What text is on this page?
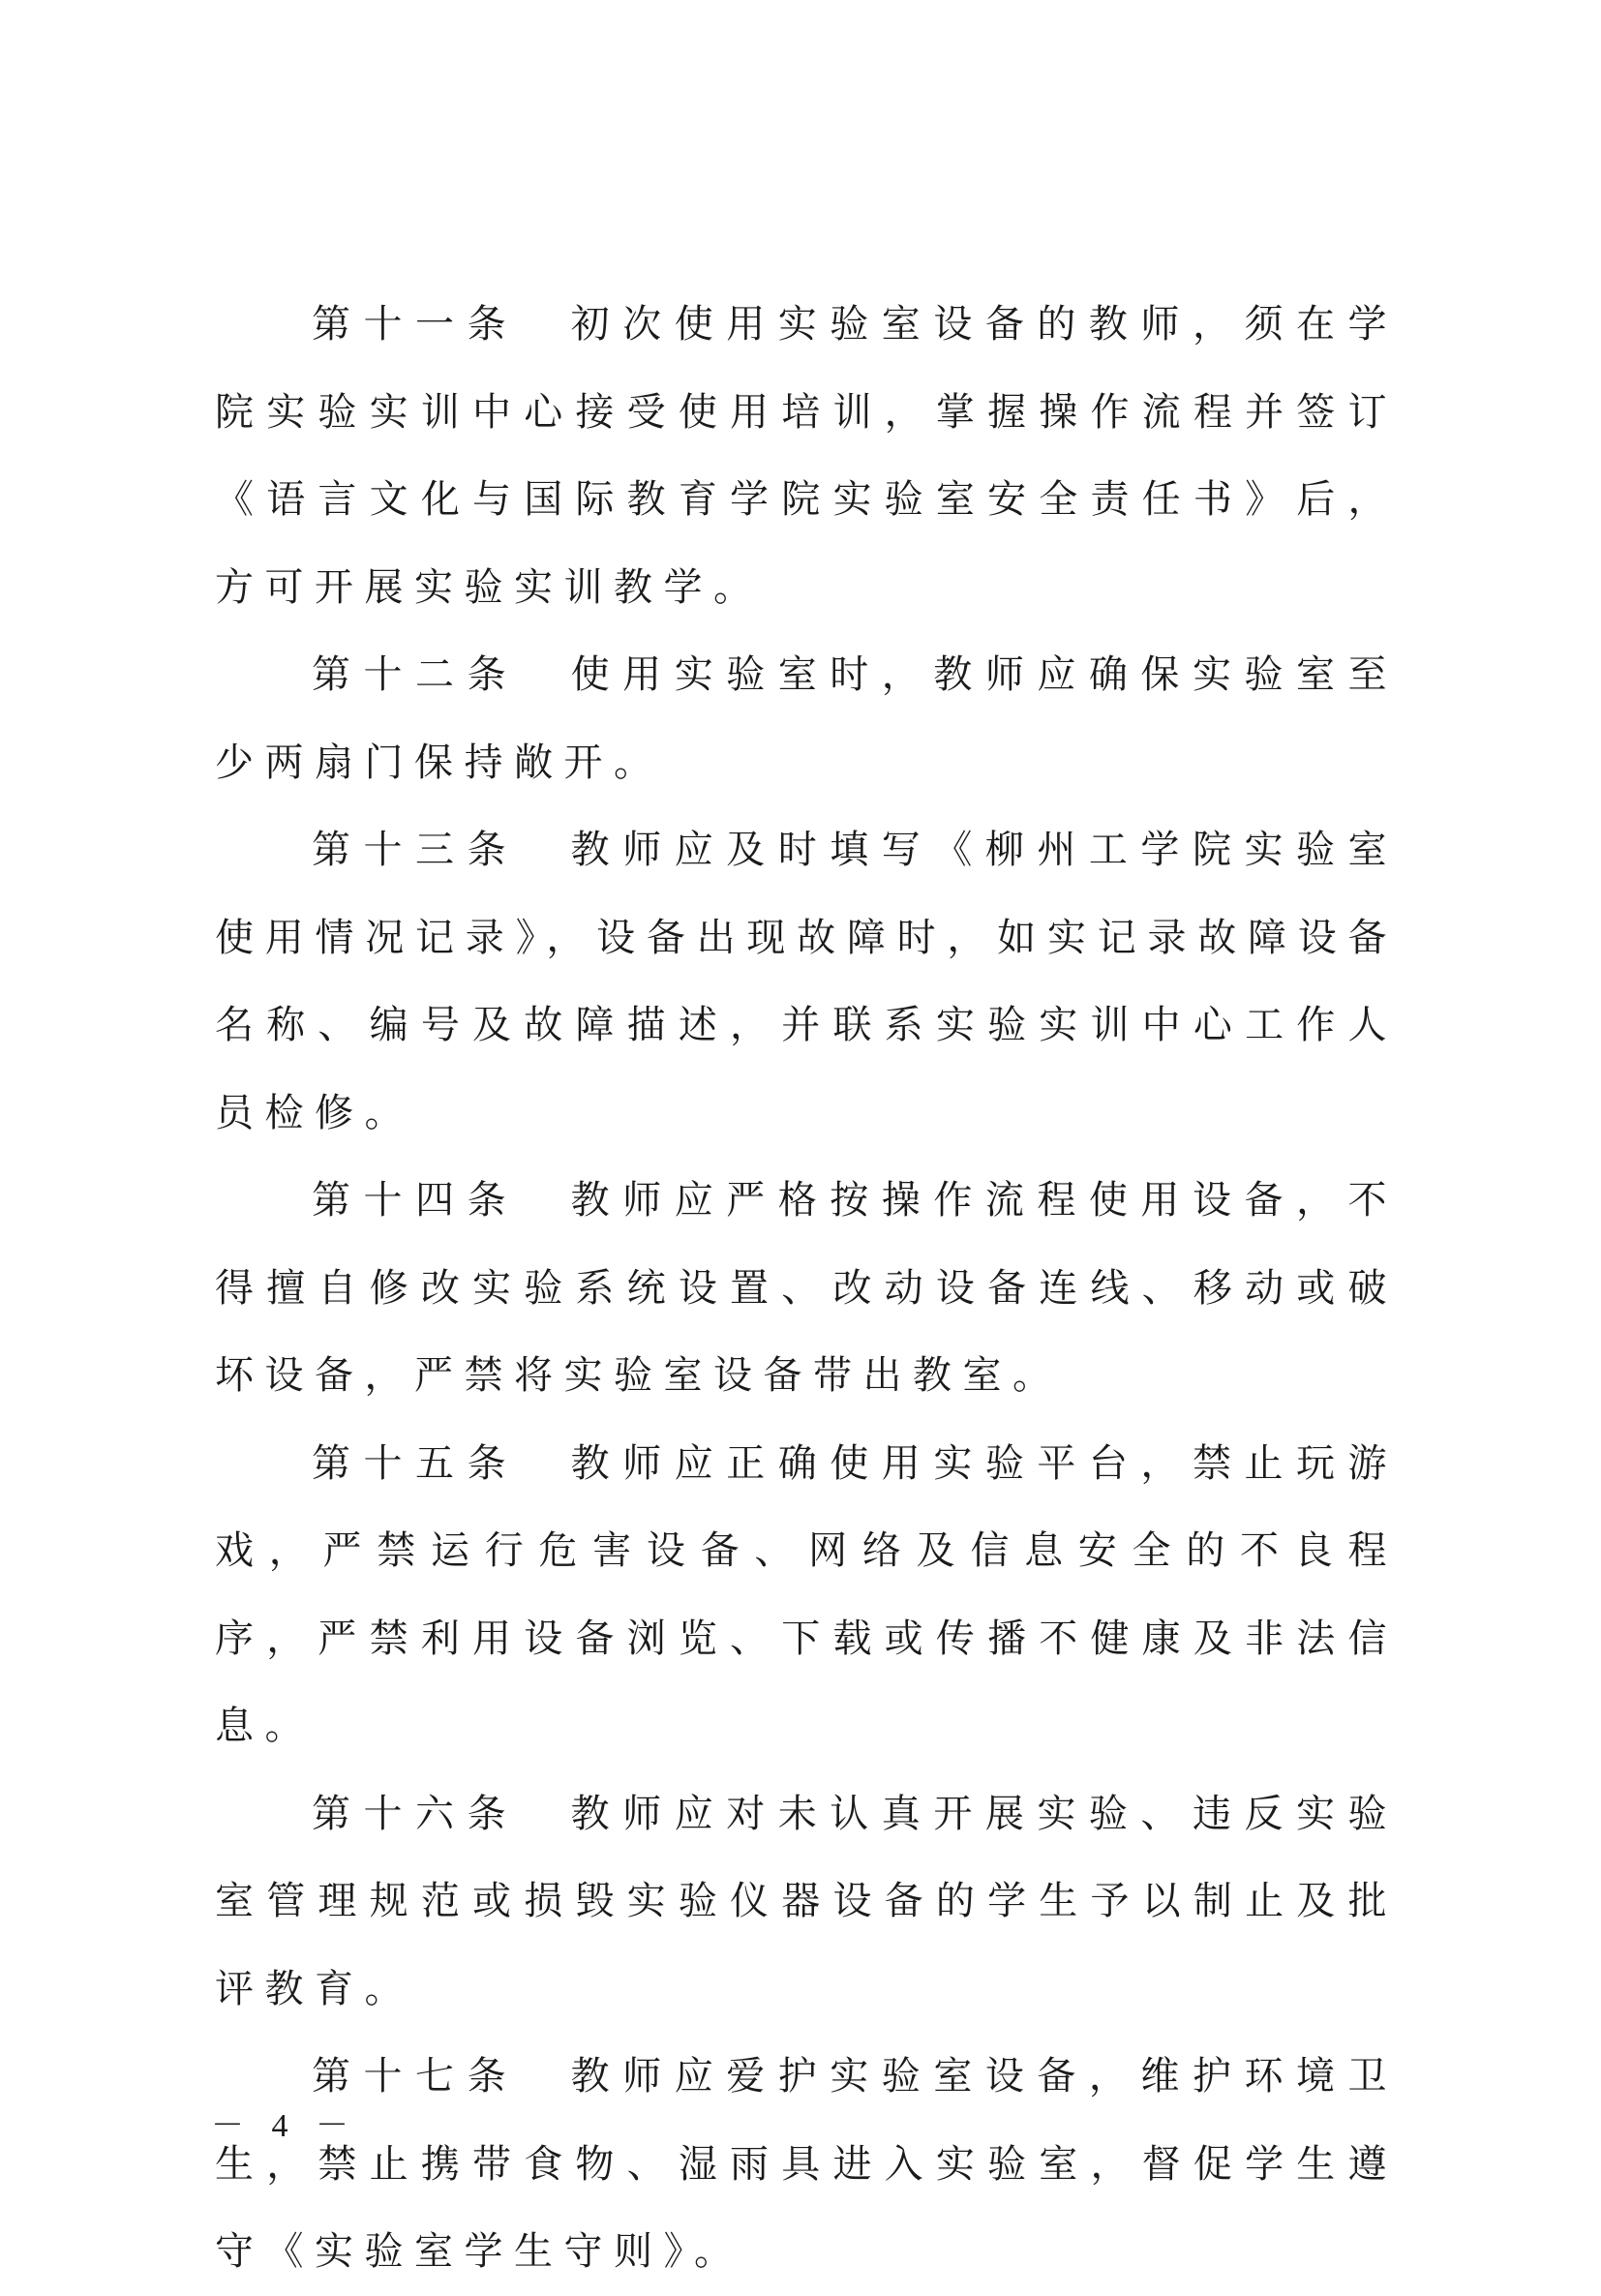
第十一条　 初次使用实验室设备的教师，须在学院实验实训中心接受使用培训，掌握操作流程并签订《语言文化与国际教育学院实验室安全责任书》后，方可开展实验实训教学。

第十二条　 使用实验室时，教师应确保实验室至少两扇门保持敞开。

第十三条　 教师应及时填写《柳州工学院实验室使用情况记录》，设备出现故障时，如实记录故障设备名称、编号及故障描述，并联系实验实训中心工作人员检修。

第十四条　 教师应严格按操作流程使用设备，不得擅自修改实验系统设置、改动设备连线、移动或破坏设备，严禁将实验室设备带出教室。

第十五条　 教师应正确使用实验平台，禁止玩游戏，严禁运行危害设备、网络及信息安全的不良程序，严禁利用设备浏览、下载或传播不健康及非法信息。

第十六条　 教师应对未认真开展实验、违反实验室管理规范或损毁实验仪器设备的学生予以制止及批评教育。

第十七条　 教师应爱护实验室设备，维护环境卫生，禁止携带食物、湿雨具进入实验室，督促学生遵守《实验室学生守则》。

－ 4 －
